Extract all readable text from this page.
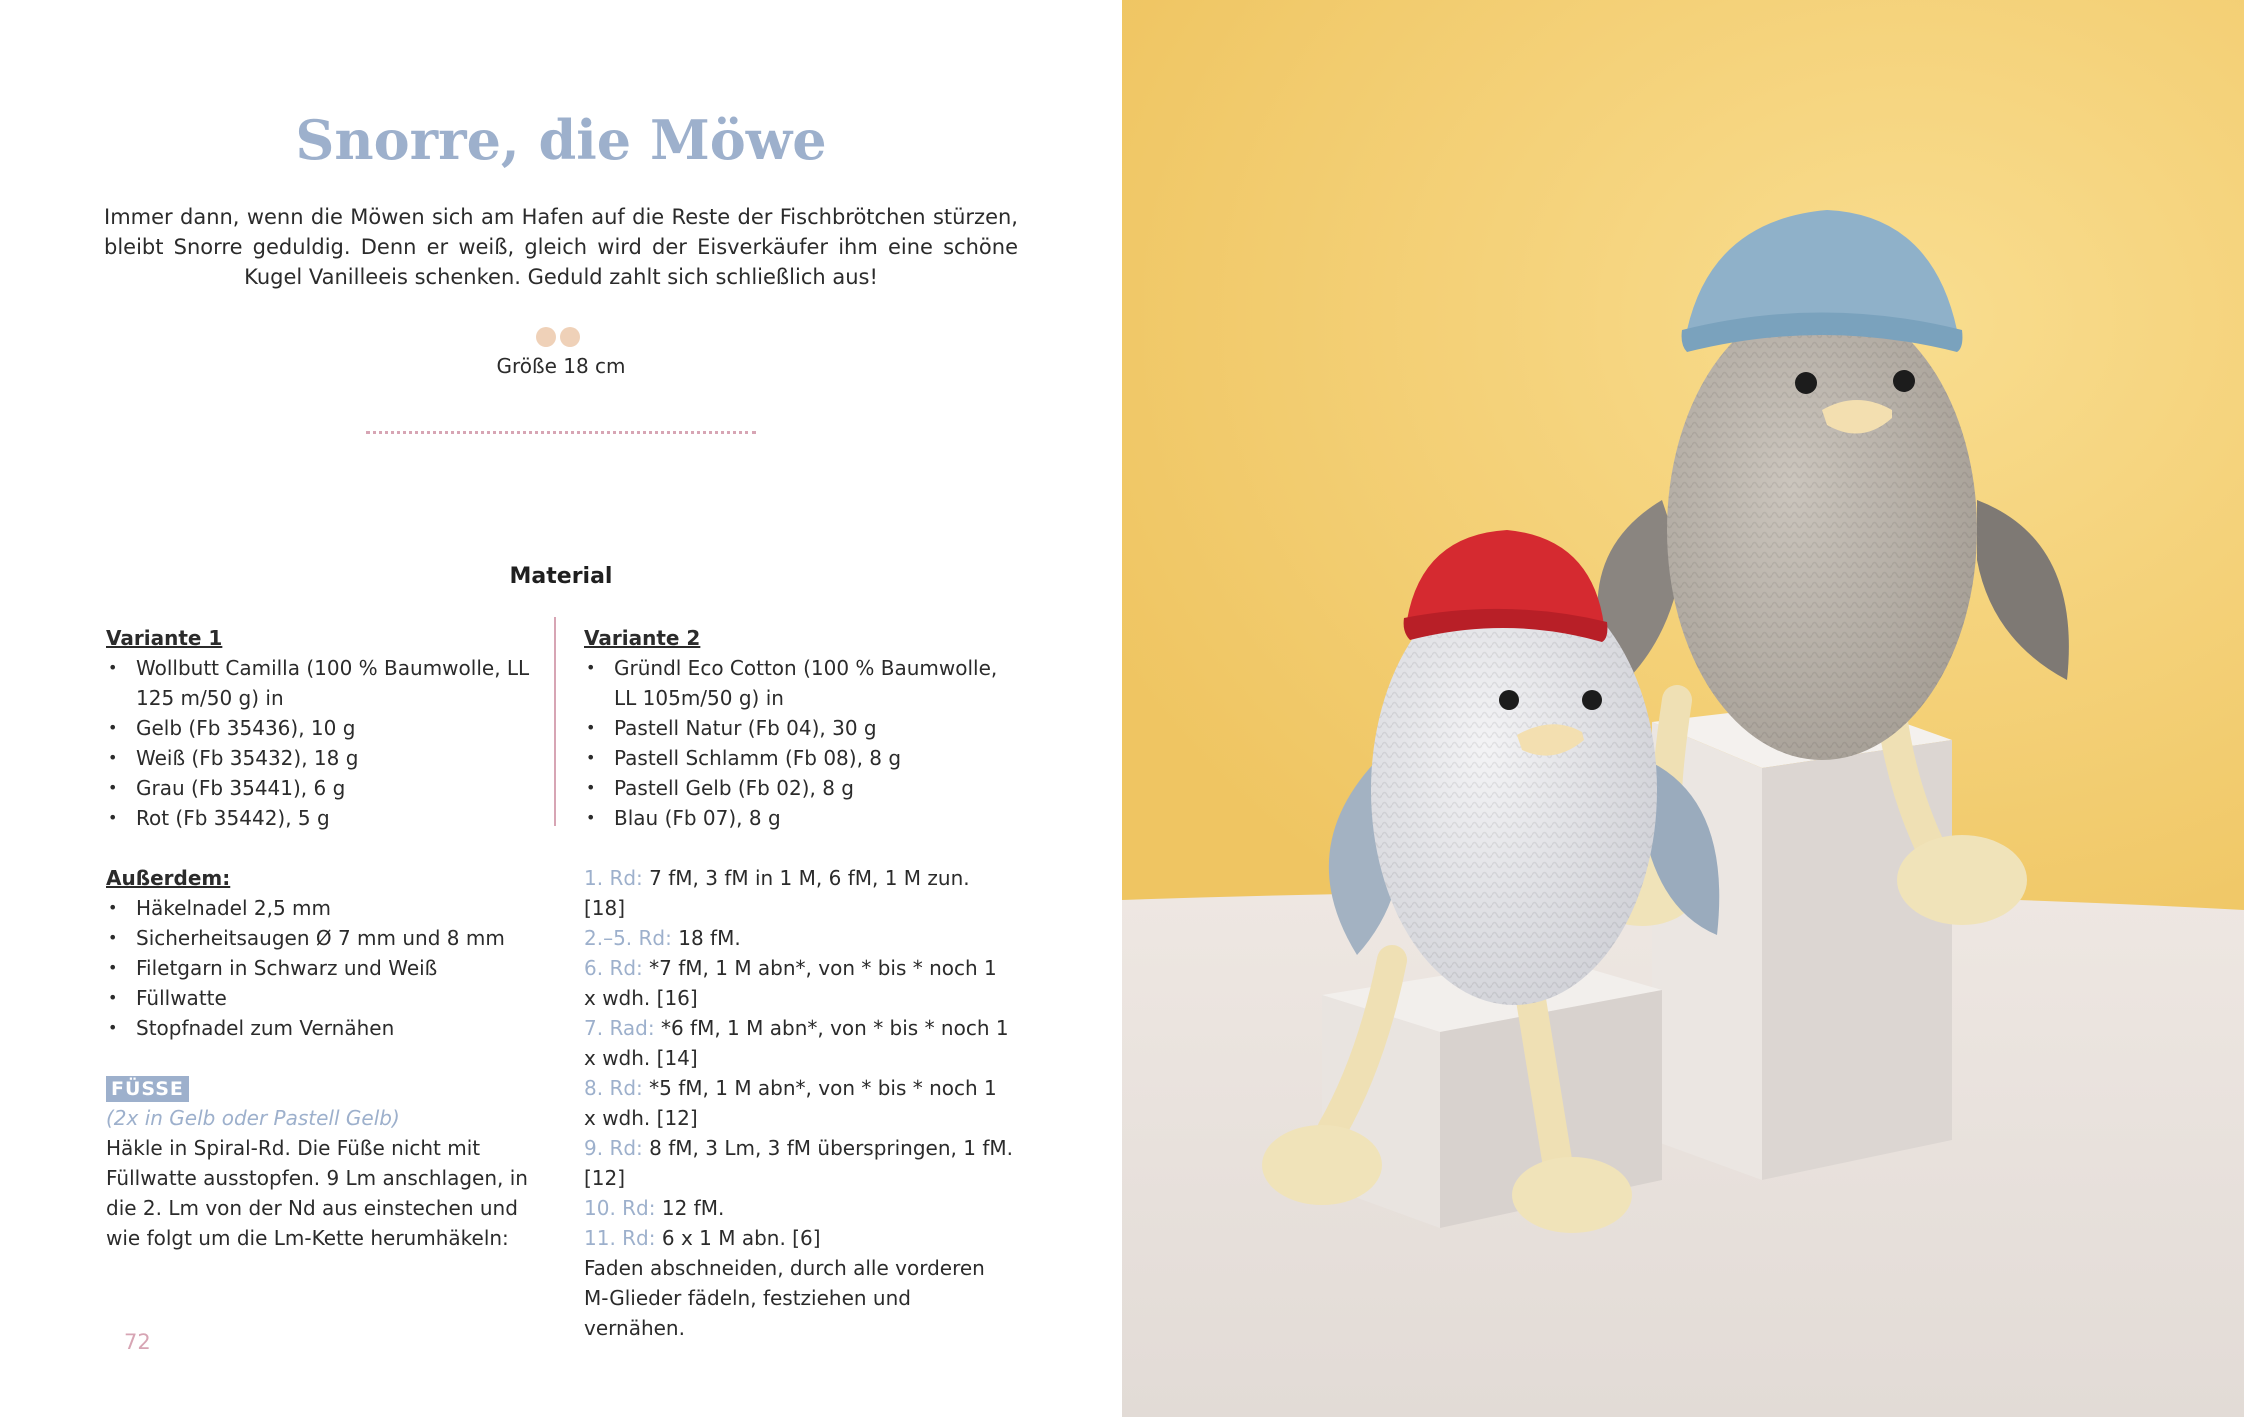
Snorre, die Möwe

Immer dann, wenn die Möwen sich am Hafen auf die Reste der Fischbrötchen stürzen, bleibt Snorre geduldig. Denn er weiß, gleich wird der Eisverkäufer ihm eine schöne Kugel Vanilleeis schenken. Geduld zahlt sich schließlich aus!

Größe 18 cm

Material

Variante 1

• Wollbutt Camilla (100 % Baumwolle, LL 125 m/50 g) in
• Gelb (Fb 35436), 10 g
• Weiß (Fb 35432), 18 g
• Grau (Fb 35441), 6 g
• Rot (Fb 35442), 5 g

Außerdem:

• Häkelnadel 2,5 mm
• Sicherheitsaugen Ø 7 mm und 8 mm
• Filetgarn in Schwarz und Weiß
• Füllwatte
• Stopfnadel zum Vernähen
FÜSSE

(2x in Gelb oder Pastell Gelb)

Häkle in Spiral-Rd. Die Füße nicht mit Füllwatte ausstopfen. 9 Lm anschlagen, in die 2. Lm von der Nd aus einstechen und wie folgt um die Lm-Kette herumhäkeln:

Variante 2

• Gründl Eco Cotton (100 % Baumwolle, LL 105m/50 g) in
• Pastell Natur (Fb 04), 30 g
• Pastell Schlamm (Fb 08), 8 g
• Pastell Gelb (Fb 02), 8 g
• Blau (Fb 07), 8 g

1. Rd: 7 fM, 3 fM in 1 M, 6 fM, 1 M zun. [18]

2.–5. Rd: 18 fM.

6. Rd: *7 fM, 1 M abn*, von * bis * noch 1 x wdh. [16]

7. Rad: *6 fM, 1 M abn*, von * bis * noch 1 x wdh. [14]

8. Rd: *5 fM, 1 M abn*, von * bis * noch 1 x wdh. [12]

9. Rd: 8 fM, 3 Lm, 3 fM überspringen, 1 fM. [12]

10. Rd: 12 fM.

11. Rd: 6 x 1 M abn. [6]

Faden abschneiden, durch alle vorderen M-Glieder fädeln, festziehen und vernähen.

72
